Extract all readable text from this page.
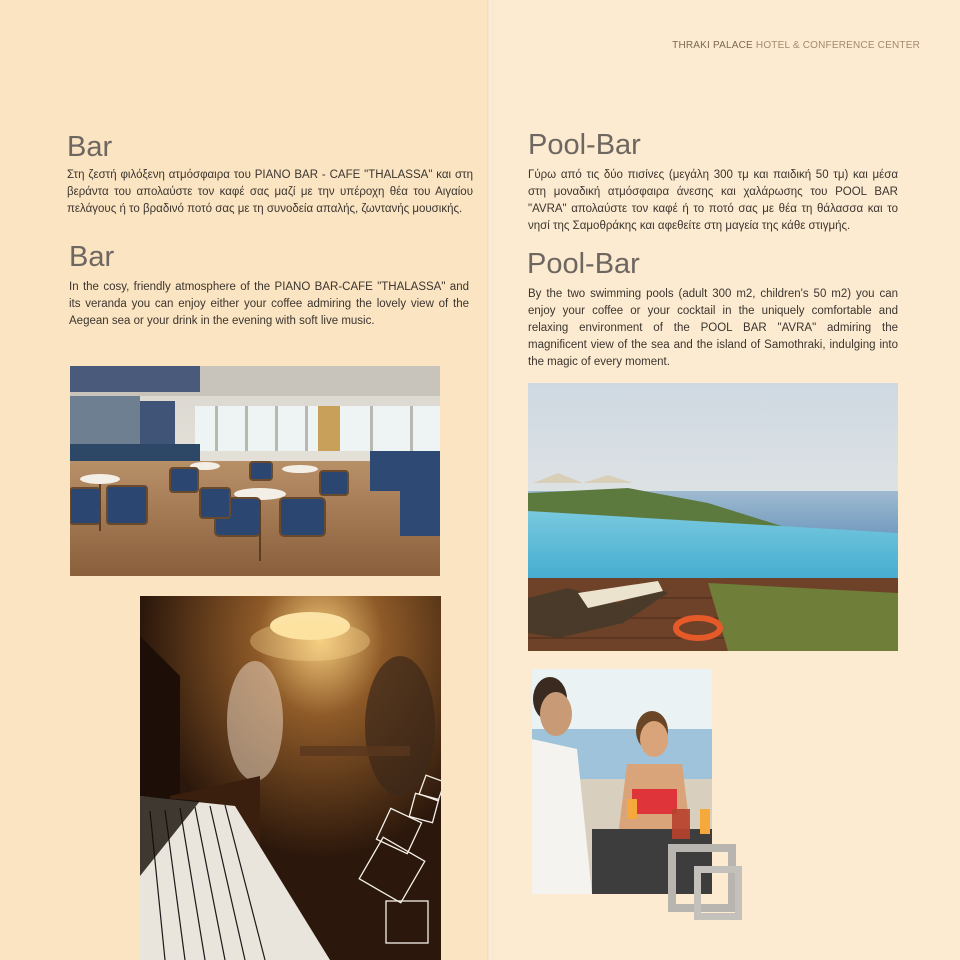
THRAKI PALACE HOTEL & CONFERENCE CENTER
Bar

Στη ζεστή φιλόξενη ατμόσφαιρα του PIANO BAR - CAFE "THALASSA" και στη βεράντα του απολαύστε τον καφέ σας μαζί με την υπέροχη θέα του Αιγαίου πελάγους ή το βραδινό ποτό σας με τη συνοδεία απαλής, ζωντανής μουσικής.

Bar

In the cosy, friendly atmosphere of the PIANO BAR-CAFE "THALASSA" and its veranda you can enjoy either your coffee admiring the lovely view of the Aegean sea or your drink in the evening with soft live music.

Pool-Bar

Γύρω από τις δύο πισίνες (μεγάλη 300 τμ και παιδική 50 τμ) και μέσα στη μοναδική ατμόσφαιρα άνεσης και χαλάρωσης του POOL BAR "AVRA" απολαύστε τον καφέ ή το ποτό σας με θέα τη θάλασσα και το νησί της Σαμοθράκης και αφεθείτε στη μαγεία της κάθε στιγμής.

Pool-Bar

By the two swimming pools (adult 300 m2, children's 50 m2) you can enjoy your coffee or your cocktail in the uniquely comfortable and relaxing environment of the POOL BAR "AVRA" admiring the magnificent view of the sea and the island of Samothraki, indulging into the magic of every moment.
